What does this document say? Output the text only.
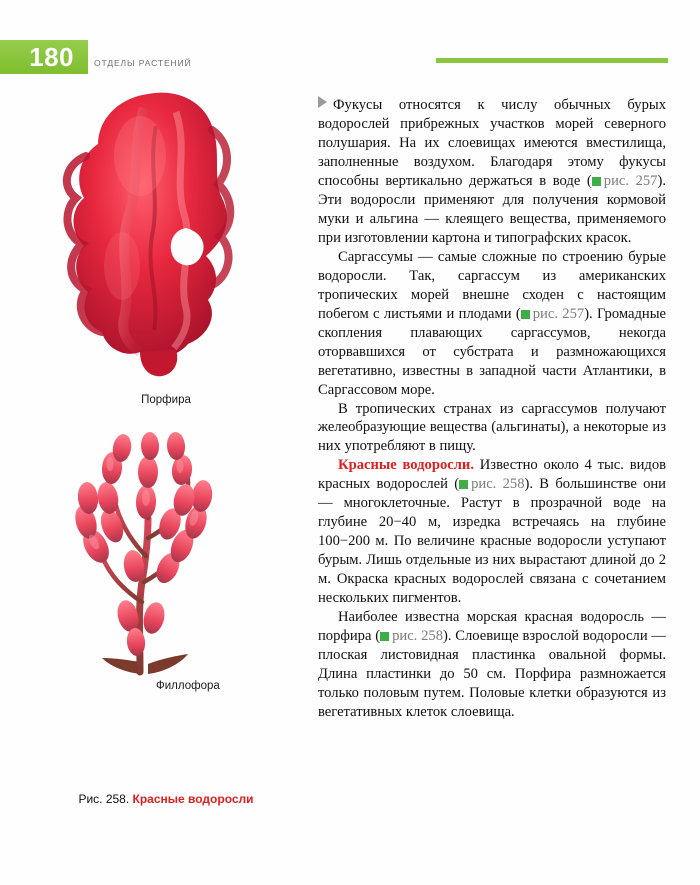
180	ОТДЕЛЫ РАСТЕНИЙ
Порфира
Филлофора
Рис. 258. Красные водоросли

Фукусы относятся к числу обычных бурых водорослей прибрежных участков морей северного полушария. На их слоевищах имеются вместилища, заполненные воздухом. Благодаря этому фукусы способны вертикально держаться в воде ( рис. 257). Эти водоросли применяют для получения кормовой муки и альгина — клеящего вещества, применяемого при изготовлении картона и типографских красок.

Саргассумы — самые сложные по строению бурые водоросли. Так, саргассум из американских тропических морей внешне сходен с настоящим побегом с листьями и плодами ( рис. 257). Громадные скопления плавающих саргассумов, некогда оторвавшихся от субстрата и размножающихся вегетативно, известны в западной части Атлантики, в Саргассовом море.

В тропических странах из саргассумов получают желеобразующие вещества (альгинаты), а некоторые из них употребляют в пищу.

Красные водоросли. Известно около 4 тыс. видов красных водорослей ( рис. 258). В большинстве они — многоклеточные. Растут в прозрачной воде на глубине 20−40 м, изредка встречаясь на глубине 100−200 м. По величине красные водоросли уступают бурым. Лишь отдельные из них вырастают длиной до 2 м. Окраска красных водорослей связана с сочетанием нескольких пигментов.

Наиболее известна морская красная водоросль — порфира ( рис. 258). Слоевище взрослой водоросли — плоская листовидная пластинка овальной формы. Длина пластинки до 50 см. Порфира размножается только половым путем. Половые клетки образуются из вегетативных клеток слоевища.
